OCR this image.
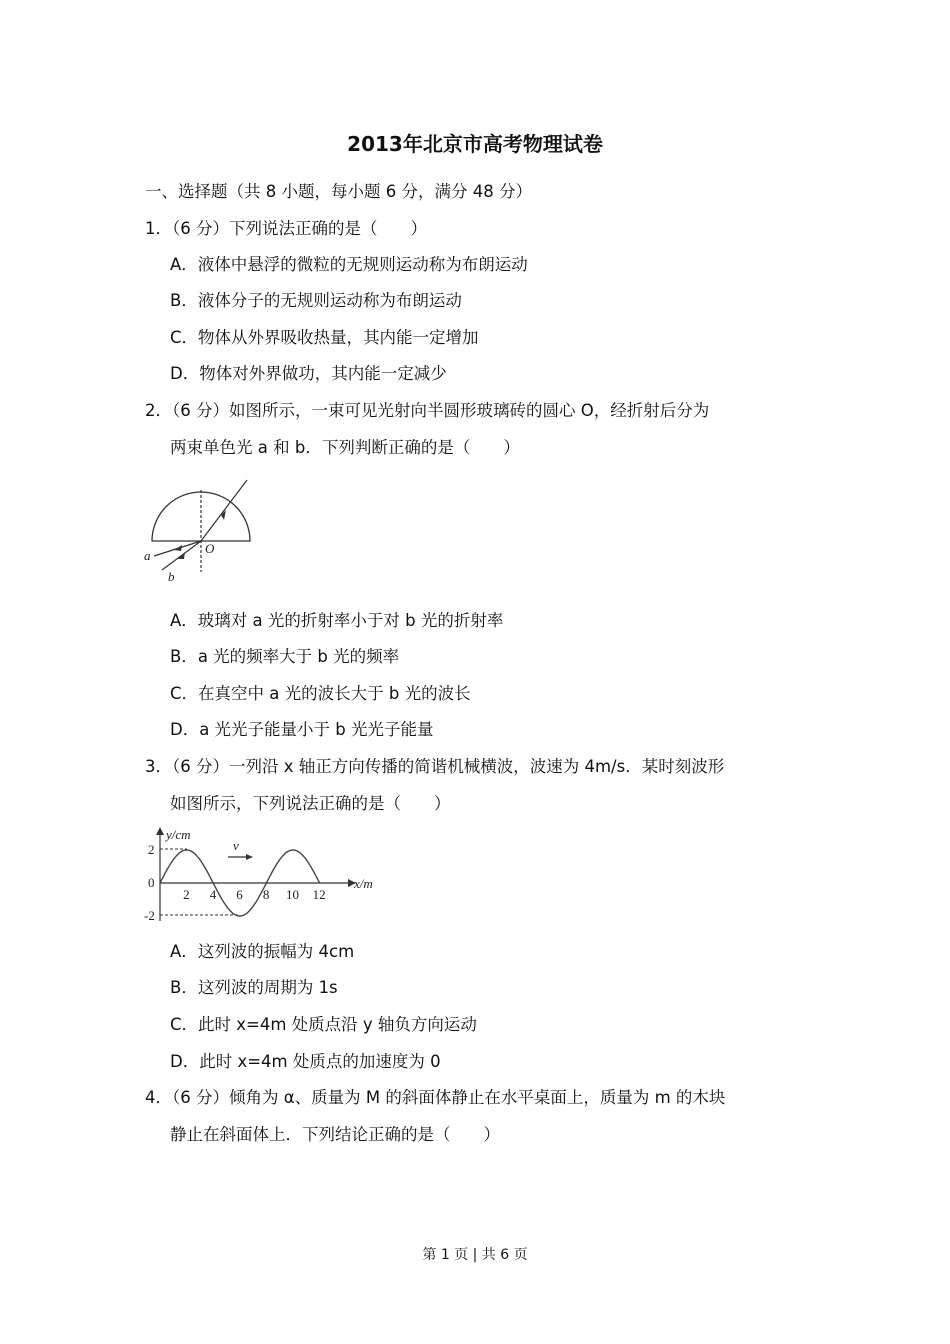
2013年北京市高考物理试卷
一、选择题（共 8 小题，每小题 6 分，满分 48 分）
1．（6 分）下列说法正确的是（　　）
A．液体中悬浮的微粒的无规则运动称为布朗运动
B．液体分子的无规则运动称为布朗运动
C．物体从外界吸收热量，其内能一定增加
D．物体对外界做功，其内能一定减少
2．（6 分）如图所示，一束可见光射向半圆形玻璃砖的圆心 O，经折射后分为
两束单色光 a 和 b．下列判断正确的是（　　）
O
a
b
A．玻璃对 a 光的折射率小于对 b 光的折射率
B．a 光的频率大于 b 光的频率
C．在真空中 a 光的波长大于 b 光的波长
D．a 光光子能量小于 b 光光子能量
3．（6 分）一列沿 x 轴正方向传播的简谐机械横波，波速为 4m/s．某时刻波形
如图所示，下列说法正确的是（　　）
v
y/cm
x/m
2
0
-2
2 4 6 8 10 12
A．这列波的振幅为 4cm
B．这列波的周期为 1s
C．此时 x=4m 处质点沿 y 轴负方向运动
D．此时 x=4m 处质点的加速度为 0
4．（6 分）倾角为 α、质量为 M 的斜面体静止在水平桌面上，质量为 m 的木块
静止在斜面体上．下列结论正确的是（　　）
第 1 页 | 共 6 页
